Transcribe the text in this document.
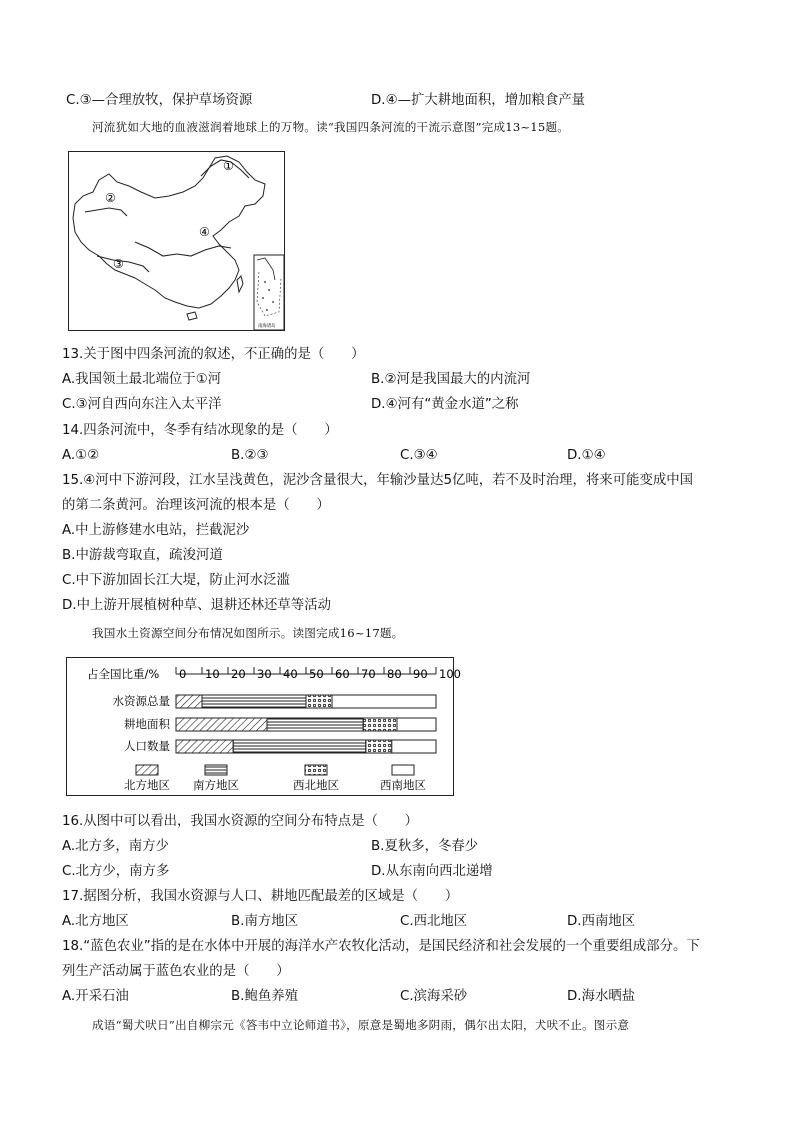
C.③—合理放牧，保护草场资源	D.④—扩大耕地面积，增加粮食产量
河流犹如大地的血液滋润着地球上的万物。读“我国四条河流的干流示意图”完成13~15题。
①
②
③
④
南海诸岛
13.关于图中四条河流的叙述，不正确的是（　　）
A.我国领土最北端位于①河	B.②河是我国最大的内流河
C.③河自西向东注入太平洋	D.④河有“黄金水道”之称
14.四条河流中，冬季有结冰现象的是（　　）
A.①②	B.②③	C.③④	D.①④
15.④河中下游河段，江水呈浅黄色，泥沙含量很大，年输沙量达5亿吨，若不及时治理，将来可能变成中国
的第二条黄河。治理该河流的根本是（　　）
A.中上游修建水电站，拦截泥沙
B.中游裁弯取直，疏浚河道
C.中下游加固长江大堤，防止河水泛滥
D.中上游开展植树种草、退耕还林还草等活动
我国水土资源空间分布情况如图所示。读图完成16~17题。
占全国比重/% 0 10 20 30 40 50 60 70 80 90 100
水资源总量
耕地面积
人口数量
北方地区 南方地区	西北地区	西南地区
16.从图中可以看出，我国水资源的空间分布特点是（　　）
A.北方多，南方少	B.夏秋多，冬春少
C.北方少，南方多	D.从东南向西北递增
17.据图分析，我国水资源与人口、耕地匹配最差的区域是（　　）
A.北方地区	B.南方地区	C.西北地区	D.西南地区
18.“蓝色农业”指的是在水体中开展的海洋水产农牧化活动，是国民经济和社会发展的一个重要组成部分。下
列生产活动属于蓝色农业的是（　　）
A.开采石油	B.鲍鱼养殖	C.滨海采砂	D.海水晒盐
成语“蜀犬吠日”出自柳宗元《答韦中立论师道书》，原意是蜀地多阴雨，偶尔出太阳，犬吠不止。图示意
